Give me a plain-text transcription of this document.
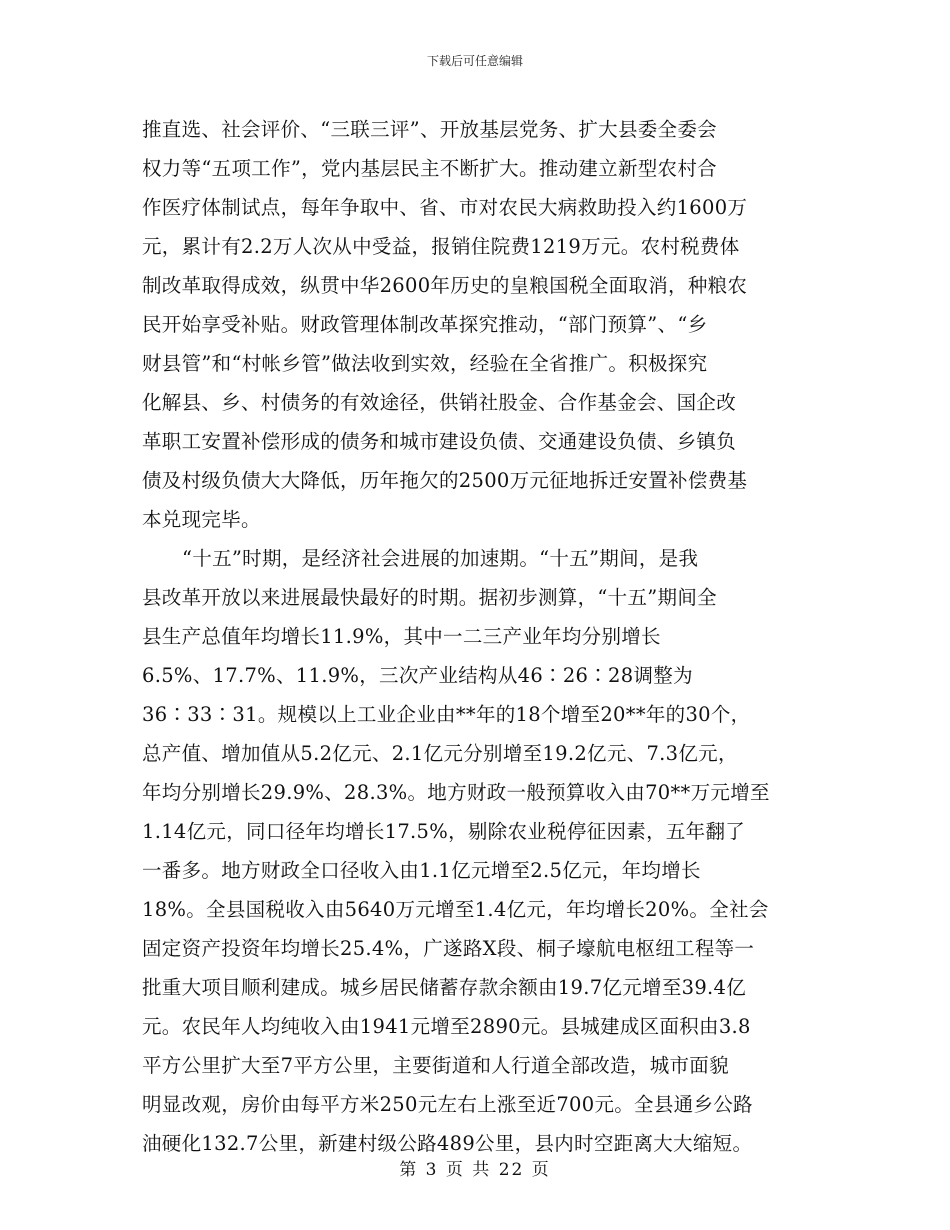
下载后可任意编辑
推直选、社会评价、“三联三评”、开放基层党务、扩大县委全委会
权力等“五项工作”，党内基层民主不断扩大。推动建立新型农村合
作医疗体制试点，每年争取中、省、市对农民大病救助投入约1600万
元，累计有2.2万人次从中受益，报销住院费1219万元。农村税费体
制改革取得成效，纵贯中华2600年历史的皇粮国税全面取消，种粮农
民开始享受补贴。财政管理体制改革探究推动，“部门预算”、“乡
财县管”和“村帐乡管”做法收到实效，经验在全省推广。积极探究
化解县、乡、村债务的有效途径，供销社股金、合作基金会、国企改
革职工安置补偿形成的债务和城市建设负债、交通建设负债、乡镇负
债及村级负债大大降低，历年拖欠的2500万元征地拆迁安置补偿费基
本兑现完毕。
“十五”时期，是经济社会进展的加速期。“十五”期间，是我
县改革开放以来进展最快最好的时期。据初步测算，“十五”期间全
县生产总值年均增长11.9%，其中一二三产业年均分别增长
6.5%、17.7%、11.9%，三次产业结构从46∶26∶28调整为
36∶33∶31。规模以上工业企业由**年的18个增至20**年的30个，
总产值、增加值从5.2亿元、2.1亿元分别增至19.2亿元、7.3亿元，
年均分别增长29.9%、28.3%。地方财政一般预算收入由70**万元增至
1.14亿元，同口径年均增长17.5%，剔除农业税停征因素，五年翻了
一番多。地方财政全口径收入由1.1亿元增至2.5亿元，年均增长
18%。全县国税收入由5640万元增至1.4亿元，年均增长20%。全社会
固定资产投资年均增长25.4%，广遂路X段、桐子壕航电枢纽工程等一
批重大项目顺利建成。城乡居民储蓄存款余额由19.7亿元增至39.4亿
元。农民年人均纯收入由1941元增至2890元。县城建成区面积由3.8
平方公里扩大至7平方公里，主要街道和人行道全部改造，城市面貌
明显改观，房价由每平方米250元左右上涨至近700元。全县通乡公路
油硬化132.7公里，新建村级公路489公里，县内时空距离大大缩短。
第 3 页 共 22 页
